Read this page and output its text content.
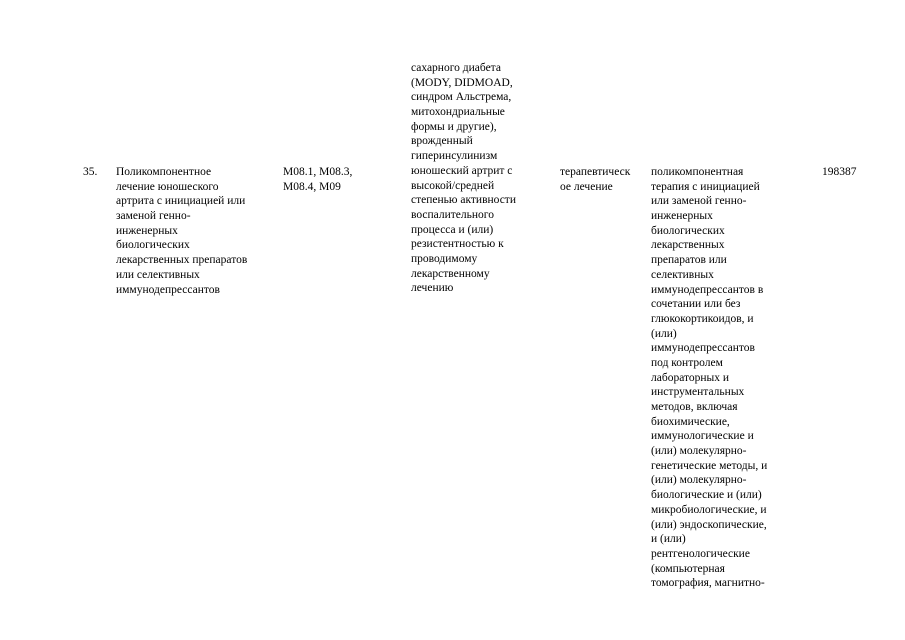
35. Поликомпонентное
лечение юношеского
артрита с инициацией или
заменой генно-
инженерных
биологических
лекарственных препаратов
или селективных
иммунодепрессантов
M08.1, M08.3,
M08.4, M09
сахарного диабета
(MODY, DIDMOAD,
синдром Альстрема,
митохондриальные
формы и другие),
врожденный
гиперинсулинизм
юношеский артрит с
высокой/средней
степенью активности
воспалительного
процесса и (или)
резистентностью к
проводимому
лекарственному
лечению
терапевтическ
ое лечение
поликомпонентная
терапия с инициацией
или заменой генно-
инженерных
биологических
лекарственных
препаратов или
селективных
иммунодепрессантов в
сочетании или без
глюкокортикоидов, и
(или)
иммунодепрессантов
под контролем
лабораторных и
инструментальных
методов, включая
биохимические,
иммунологические и
(или) молекулярно-
генетические методы, и
(или) молекулярно-
биологические и (или)
микробиологические, и
(или) эндоскопические,
и (или)
рентгенологические
(компьютерная
томография, магнитно-
198387
